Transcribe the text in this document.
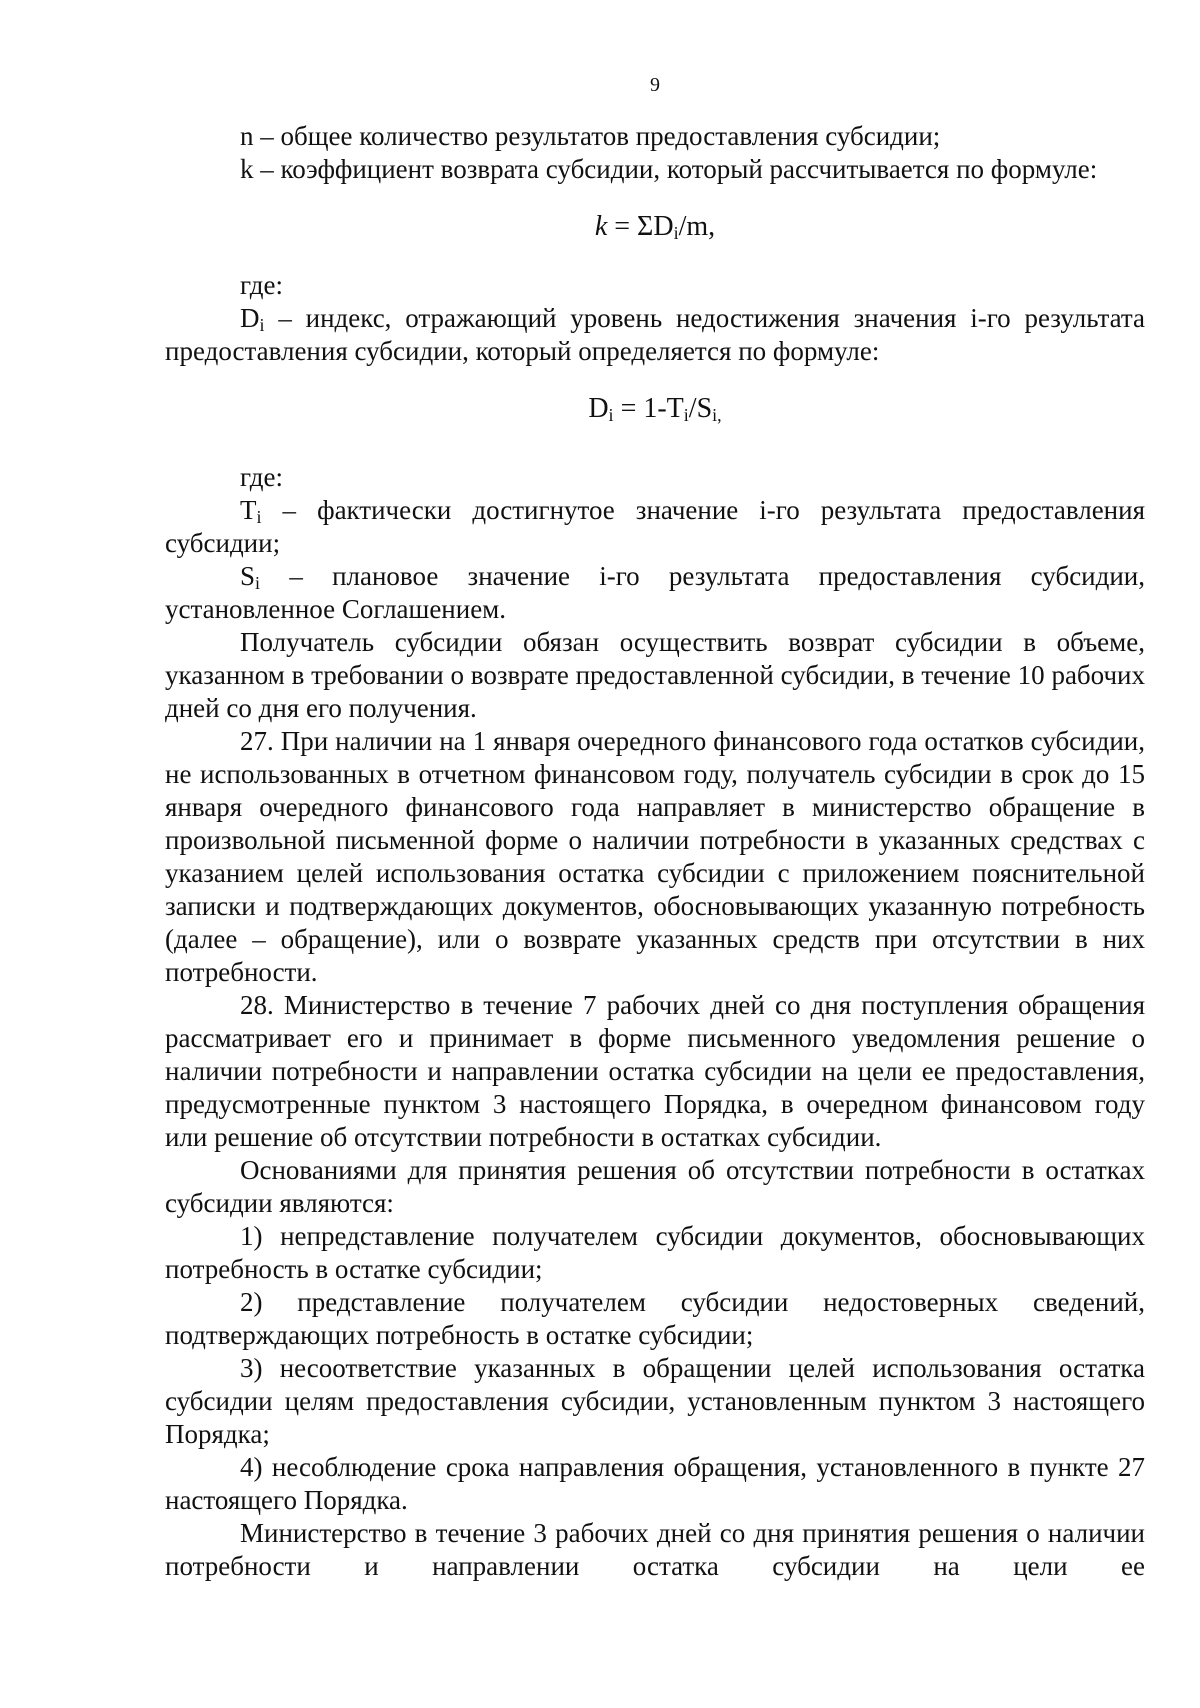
9
n – общее количество результатов предоставления субсидии;
k – коэффициент возврата субсидии, который рассчитывается по формуле:
$k = \Sigma D_i/m$,
где:
$D_i$ – индекс, отражающий уровень недостижения значения i-го результата предоставления субсидии, который определяется по формуле:
$D_i = 1-T_i/S_{i,}$
где:
$T_i$ – фактически достигнутое значение i-го результата предоставления субсидии;
$S_i$ – плановое значение i-го результата предоставления субсидии, установленное Соглашением.
Получатель субсидии обязан осуществить возврат субсидии в объеме, указанном в требовании о возврате предоставленной субсидии, в течение 10 рабочих дней со дня его получения.
27. При наличии на 1 января очередного финансового года остатков субсидии, не использованных в отчетном финансовом году, получатель субсидии в срок до 15 января очередного финансового года направляет в министерство обращение в произвольной письменной форме о наличии потребности в указанных средствах с указанием целей использования остатка субсидии с приложением пояснительной записки и подтверждающих документов, обосновывающих указанную потребность (далее – обращение), или о возврате указанных средств при отсутствии в них потребности.
28. Министерство в течение 7 рабочих дней со дня поступления обращения рассматривает его и принимает в форме письменного уведомления решение о наличии потребности и направлении остатка субсидии на цели ее предоставления, предусмотренные пунктом 3 настоящего Порядка, в очередном финансовом году или решение об отсутствии потребности в остатках субсидии.
Основаниями для принятия решения об отсутствии потребности в остатках субсидии являются:
1) непредставление получателем субсидии документов, обосновывающих потребность в остатке субсидии;
2) представление получателем субсидии недостоверных сведений, подтверждающих потребность в остатке субсидии;
3) несоответствие указанных в обращении целей использования остатка субсидии целям предоставления субсидии, установленным пунктом 3 настоящего Порядка;
4) несоблюдение срока направления обращения, установленного в пункте 27 настоящего Порядка.
Министерство в течение 3 рабочих дней со дня принятия решения о наличии потребности и направлении остатка субсидии на цели ее
